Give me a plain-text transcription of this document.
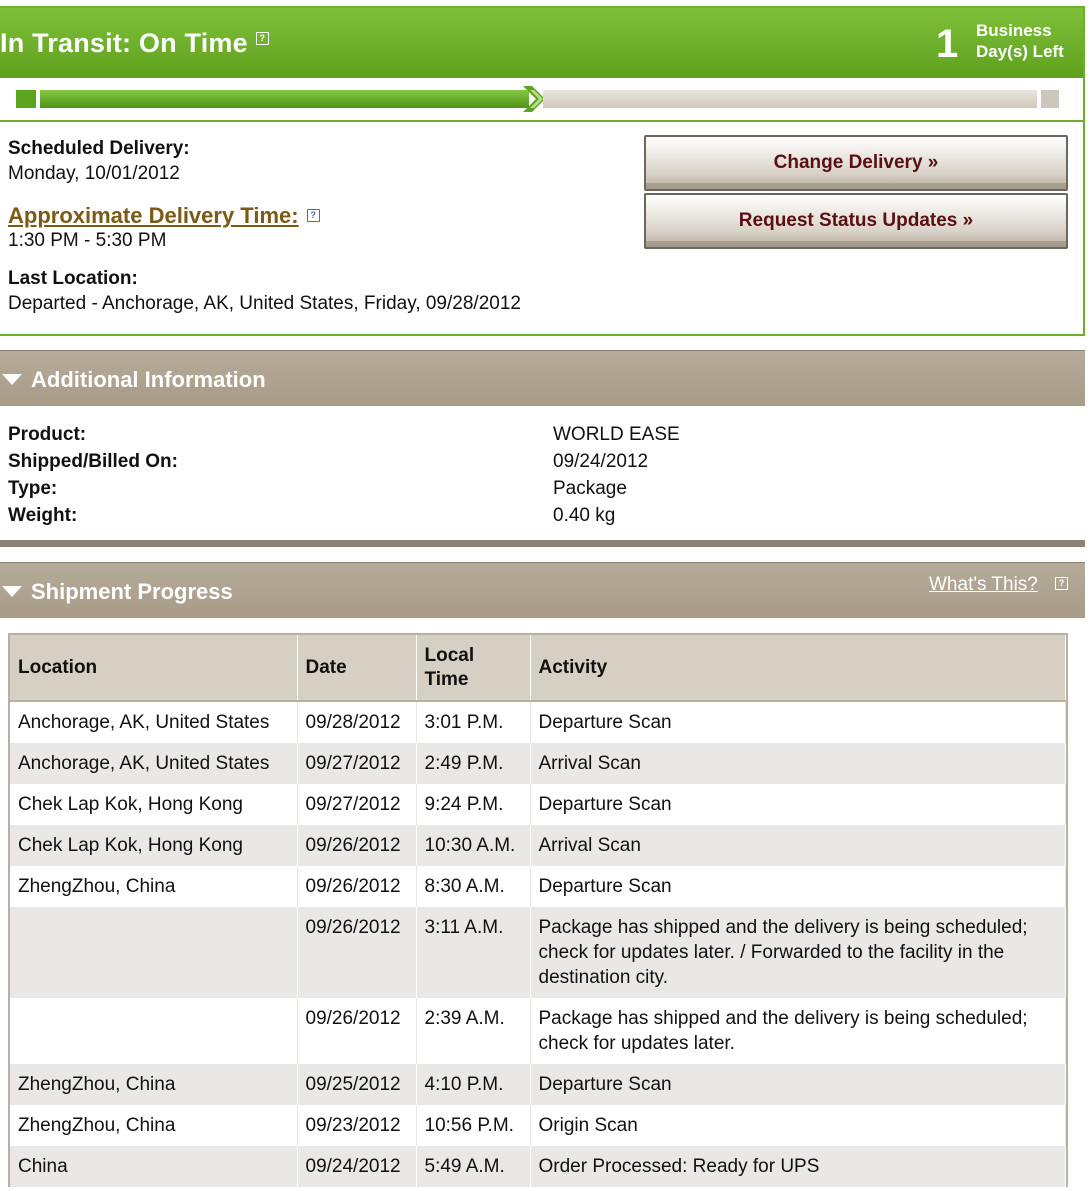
In Transit: On Time ?	1 Business
Day(s) Left
Scheduled Delivery:
Monday, 10/01/2012
Approximate Delivery Time: ?
1:30 PM - 5:30 PM
Last Location:
Departed - Anchorage, AK, United States, Friday, 09/28/2012
Change Delivery »
Request Status Updates »
Additional Information
Product:	WORLD EASE
Shipped/Billed On:	09/24/2012
Type:	Package
Weight:	0.40 kg
Shipment Progress	What's This?	?
Location	Date	Local Time	Activity
Anchorage, AK, United States	09/28/2012	3:01 P.M.	Departure Scan
Anchorage, AK, United States	09/27/2012	2:49 P.M.	Arrival Scan
Chek Lap Kok, Hong Kong	09/27/2012	9:24 P.M.	Departure Scan
Chek Lap Kok, Hong Kong	09/26/2012	10:30 A.M.	Arrival Scan
ZhengZhou, China	09/26/2012	8:30 A.M.	Departure Scan
	09/26/2012	3:11 A.M.	Package has shipped and the delivery is being scheduled; check for updates later. / Forwarded to the facility in the destination city.
	09/26/2012	2:39 A.M.	Package has shipped and the delivery is being scheduled; check for updates later.
ZhengZhou, China	09/25/2012	4:10 P.M.	Departure Scan
ZhengZhou, China	09/23/2012	10:56 P.M.	Origin Scan
China	09/24/2012	5:49 A.M.	Order Processed: Ready for UPS
